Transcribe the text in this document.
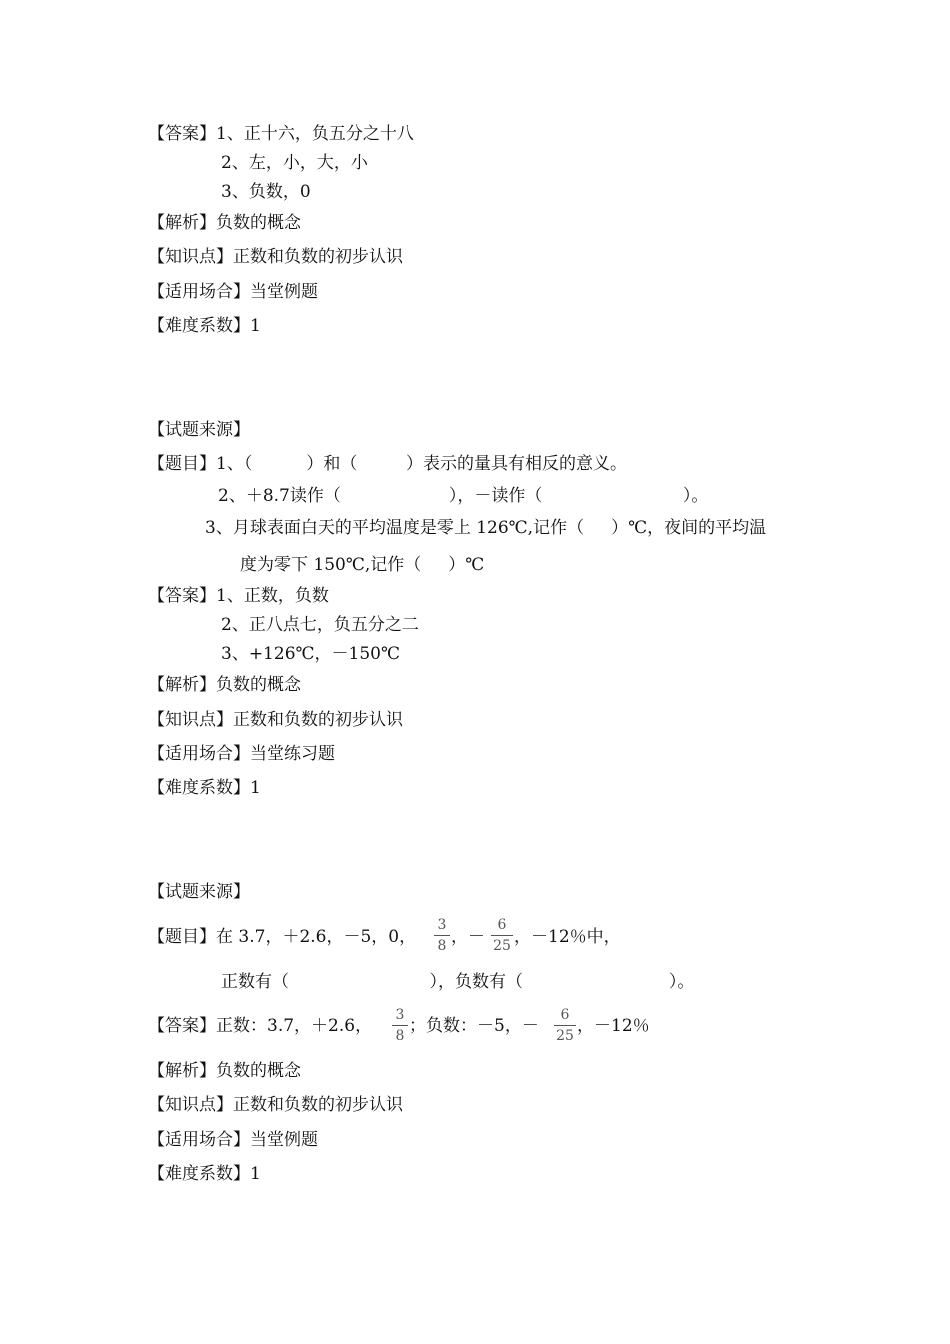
【答案】1、正十六，负五分之十八
2、左，小，大，小
3、负数，0
【解析】负数的概念
【知识点】正数和负数的初步认识
【适用场合】当堂例题
【难度系数】1
【试题来源】
【题目】1、（          ）和（         ）表示的量具有相反的意义。
2、＋8.7读作（                    ），－读作（                          ）。
3、月球表面白天的平均温度是零上 126℃,记作（     ）℃，夜间的平均温
度为零下 150℃,记作（     ）℃
【答案】1、正数，负数
2、正八点七，负五分之二
3、+126℃，－150℃
【解析】负数的概念
【知识点】正数和负数的初步认识
【适用场合】当堂练习题
【难度系数】1
【试题来源】
【题目】在 3.7，＋2.6，－5，0，
3
8 ，－
6
25 ，－12％中，
正数有（                          ），负数有（                           ）。
【答案】正数：3.7，＋2.6，
3
8 ；负数：－5，－
6
25 ，－12％
【解析】负数的概念
【知识点】正数和负数的初步认识
【适用场合】当堂例题
【难度系数】1
